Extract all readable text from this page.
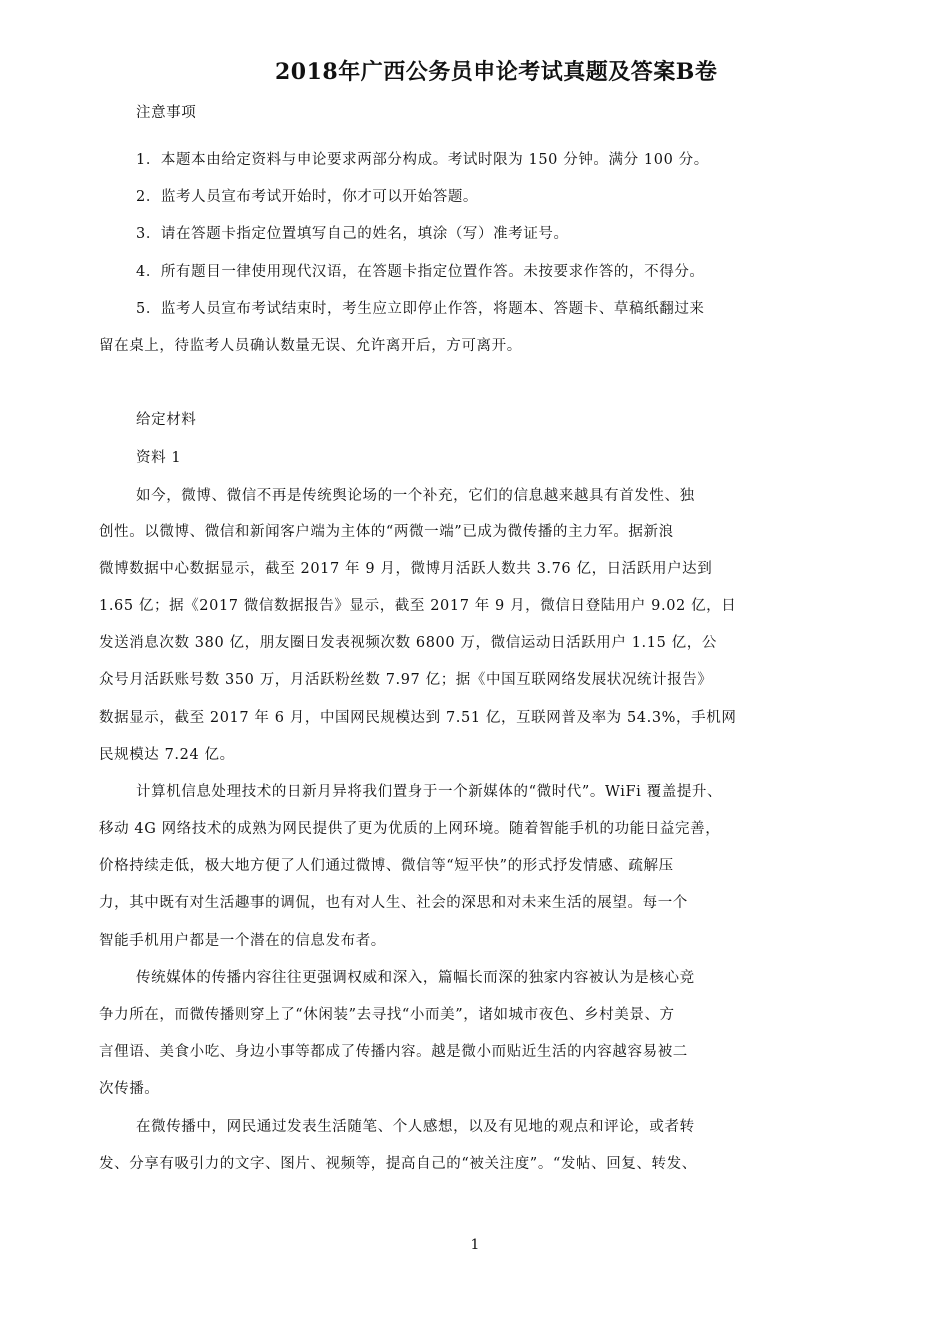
2018年广西公务员申论考试真题及答案B卷
注意事项
1．本题本由给定资料与申论要求两部分构成。考试时限为 150 分钟。满分 100 分。
2．监考人员宣布考试开始时，你才可以开始答题。
3．请在答题卡指定位置填写自己的姓名，填涂（写）准考证号。
4．所有题目一律使用现代汉语，在答题卡指定位置作答。未按要求作答的，不得分。
5．监考人员宣布考试结束时，考生应立即停止作答，将题本、答题卡、草稿纸翻过来
留在桌上，待监考人员确认数量无误、允许离开后，方可离开。
给定材料
资料 1
如今，微博、微信不再是传统舆论场的一个补充，它们的信息越来越具有首发性、独
创性。以微博、微信和新闻客户端为主体的“两微一端”已成为微传播的主力军。据新浪
微博数据中心数据显示，截至 2017 年 9 月，微博月活跃人数共 3.76 亿，日活跃用户达到
1.65 亿；据《2017 微信数据报告》显示，截至 2017 年 9 月，微信日登陆用户 9.02 亿，日
发送消息次数 380 亿，朋友圈日发表视频次数 6800 万，微信运动日活跃用户 1.15 亿，公
众号月活跃账号数 350 万，月活跃粉丝数 7.97 亿；据《中国互联网络发展状况统计报告》
数据显示，截至 2017 年 6 月，中国网民规模达到 7.51 亿，互联网普及率为 54.3%，手机网
民规模达 7.24 亿。
计算机信息处理技术的日新月异将我们置身于一个新媒体的“微时代”。WiFi 覆盖提升、
移动 4G 网络技术的成熟为网民提供了更为优质的上网环境。随着智能手机的功能日益完善，
价格持续走低，极大地方便了人们通过微博、微信等“短平快”的形式抒发情感、疏解压
力，其中既有对生活趣事的调侃，也有对人生、社会的深思和对未来生活的展望。每一个
智能手机用户都是一个潜在的信息发布者。
传统媒体的传播内容往往更强调权威和深入，篇幅长而深的独家内容被认为是核心竞
争力所在，而微传播则穿上了“休闲装”去寻找“小而美”，诸如城市夜色、乡村美景、方
言俚语、美食小吃、身边小事等都成了传播内容。越是微小而贴近生活的内容越容易被二
次传播。
在微传播中，网民通过发表生活随笔、个人感想，以及有见地的观点和评论，或者转
发、分享有吸引力的文字、图片、视频等，提高自己的“被关注度”。“发帖、回复、转发、
1
